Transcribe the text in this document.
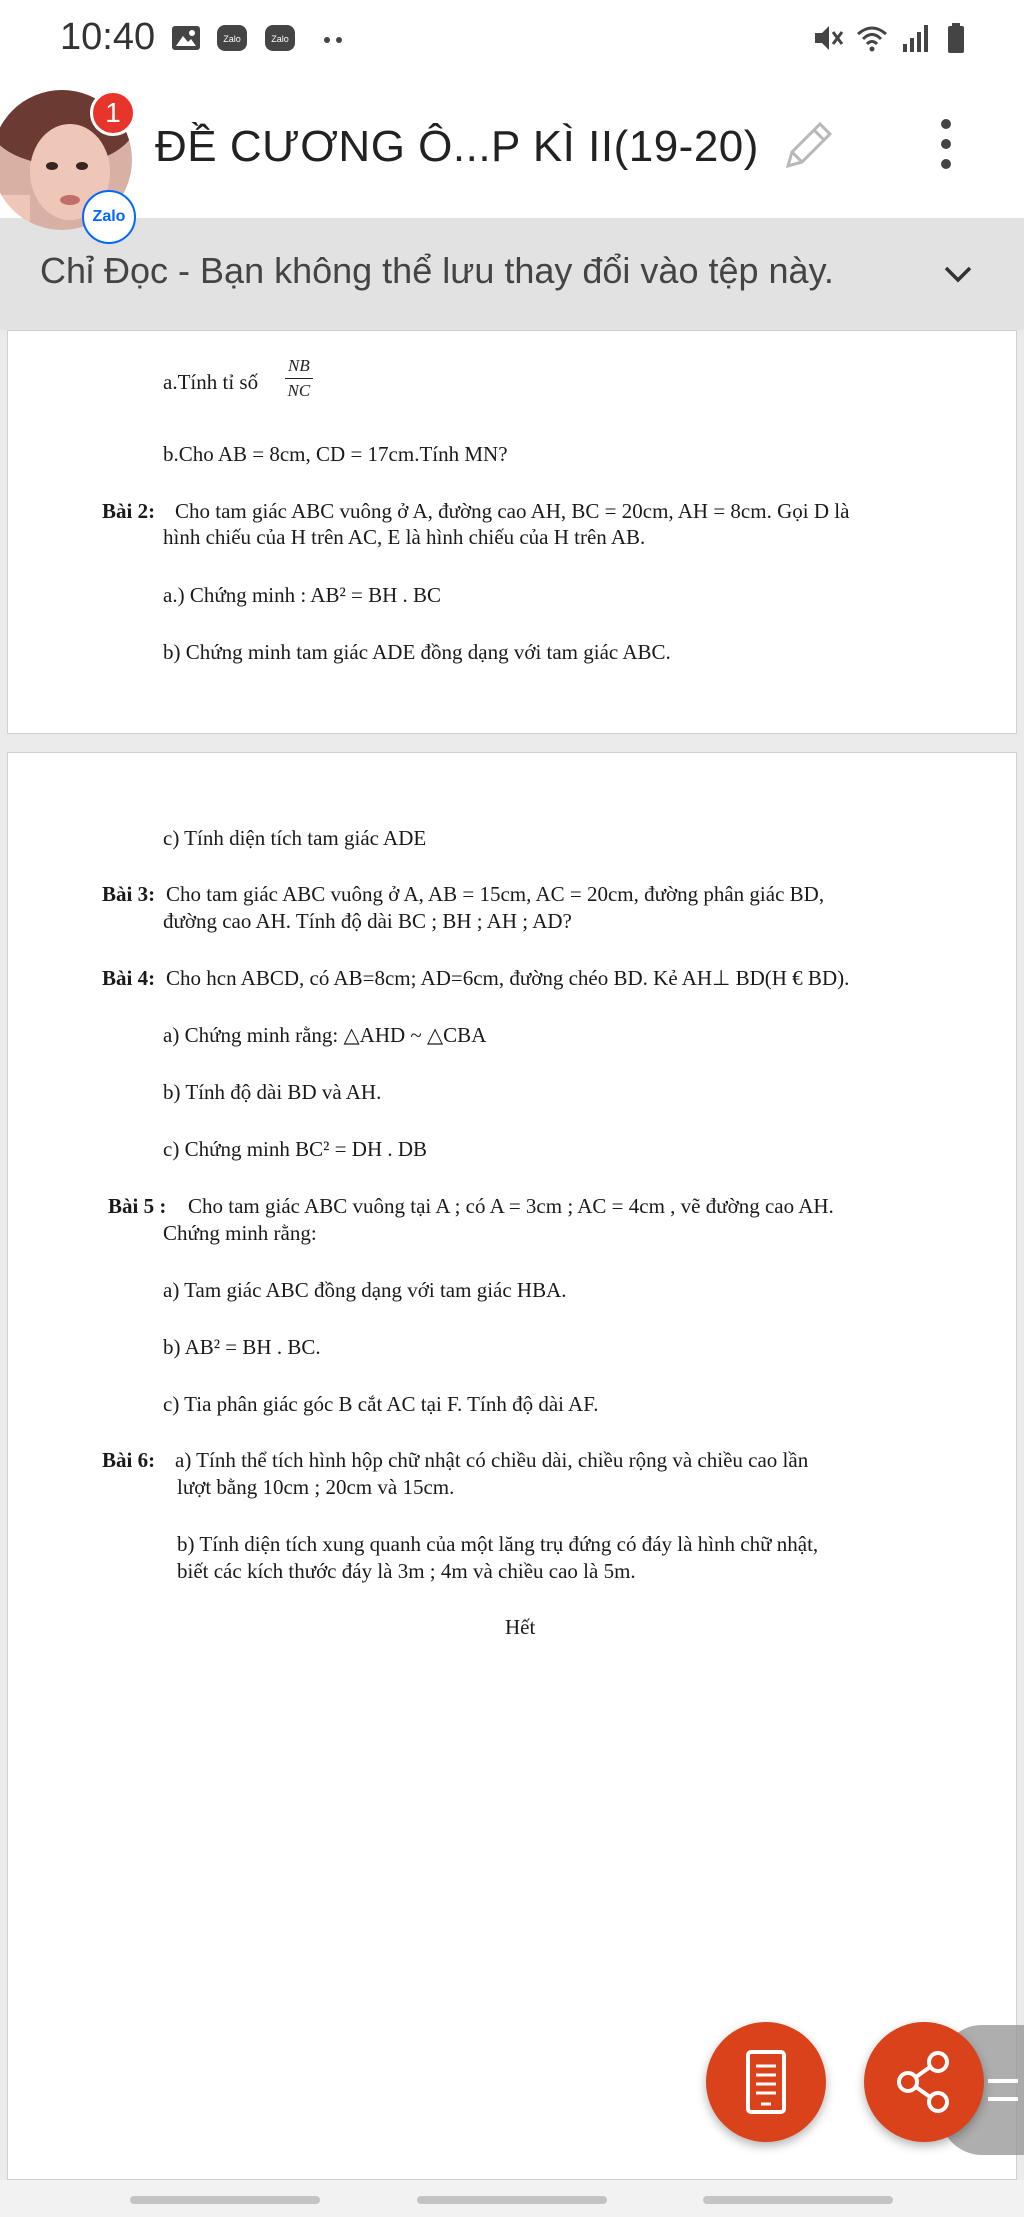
10:40	Zalo	Zalo
ĐỀ CƯƠNG Ô...P KÌ II(19-20)
Chỉ Đọc - Bạn không thể lưu thay đổi vào tệp này.
1
Zalo
a.Tính tỉ số $\frac{NB}{NC}$
b.Cho AB = 8cm, CD = 17cm.Tính MN?
Bài 2: Cho tam giác ABC vuông ở A, đường cao AH, BC = 20cm, AH = 8cm. Gọi D là
hình chiếu của H trên AC, E là hình chiếu của H trên AB.
a.) Chứng minh : AB² = BH . BC
b) Chứng minh tam giác ADE đồng dạng với tam giác ABC.
c) Tính diện tích tam giác ADE
Bài 3: Cho tam giác ABC vuông ở A, AB = 15cm, AC = 20cm, đường phân giác BD,
đường cao AH. Tính độ dài BC ; BH ; AH ; AD?
Bài 4: Cho hcn ABCD, có AB=8cm; AD=6cm, đường chéo BD. Kẻ AH⊥ BD(H € BD).
a) Chứng minh rằng: △AHD ~ △CBA
b) Tính độ dài BD và AH.
c) Chứng minh BC² = DH . DB
Bài 5 : Cho tam giác ABC vuông tại A ; có A = 3cm ; AC = 4cm , vẽ đường cao AH.
Chứng minh rằng:
a) Tam giác ABC đồng dạng với tam giác HBA.
b) AB² = BH . BC.
c) Tia phân giác góc B cắt AC tại F. Tính độ dài AF.
Bài 6: a) Tính thể tích hình hộp chữ nhật có chiều dài, chiều rộng và chiều cao lần
lượt bằng 10cm ; 20cm và 15cm.
b) Tính diện tích xung quanh của một lăng trụ đứng có đáy là hình chữ nhật,
biết các kích thước đáy là 3m ; 4m và chiều cao là 5m.
Hết
